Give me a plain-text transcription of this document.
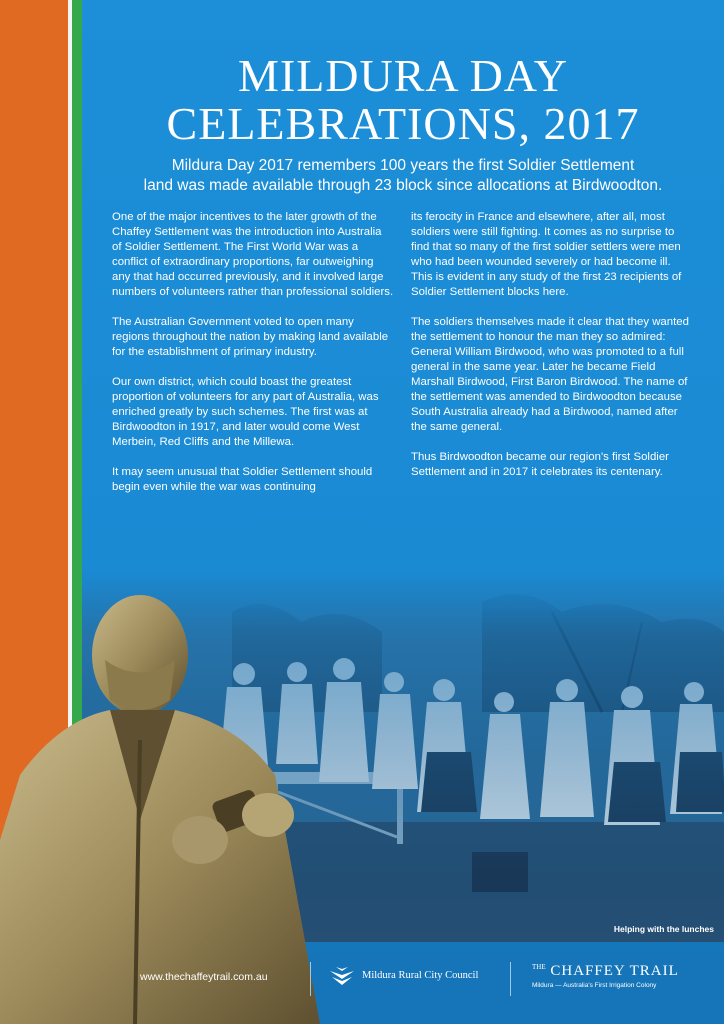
MILDURA DAY
CELEBRATIONS, 2017
Mildura Day 2017 remembers 100 years the first Soldier Settlement
land was made available through 23 block since allocations at Birdwoodton.

One of the major incentives to the later growth of the Chaffey Settlement was the introduction into Australia of Soldier Settlement. The First World War was a conflict of extraordinary proportions, far outweighing any that had occurred previously, and it involved large numbers of volunteers rather than professional soldiers.

The Australian Government voted to open many regions throughout the nation by making land available for the establishment of primary industry.

Our own district, which could boast the greatest proportion of volunteers for any part of Australia, was enriched greatly by such schemes. The first was at Birdwoodton in 1917, and later would come West Merbein, Red Cliffs and the Millewa.

It may seem unusual that Soldier Settlement should begin even while the war was continuing

its ferocity in France and elsewhere, after all, most soldiers were still fighting. It comes as no surprise to find that so many of the first soldier settlers were men who had been wounded severely or had become ill. This is evident in any study of the first 23 recipients of Soldier Settlement blocks here.

The soldiers themselves made it clear that they wanted the settlement to honour the man they so admired: General William Birdwood, who was promoted to a full general in the same year. Later he became Field Marshall Birdwood, First Baron Birdwood. The name of the settlement was amended to Birdwoodton because South Australia already had a Birdwood, named after the same general.

Thus Birdwoodton became our region's first Soldier Settlement and in 2017 it celebrates its centenary.

Helping with the lunches
www.thechaffeytrail.com.au	Mildura Rural City Council
$^{THE}$ CHAFFEY TRAIL
Mildura — Australia's First Irrigation Colony
